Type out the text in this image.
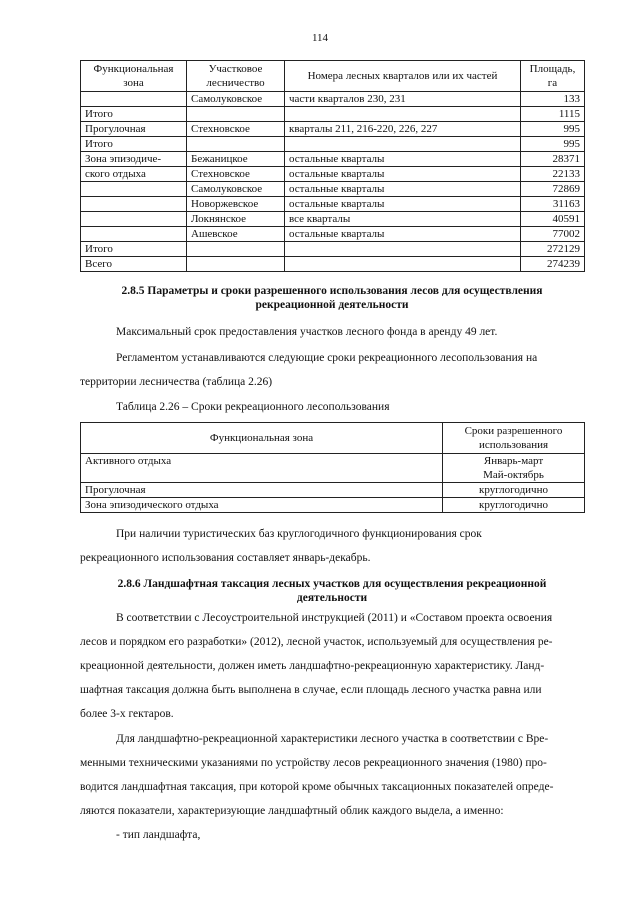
114
Функциональная зона	Участковое лесничество	Номера лесных кварталов или их частей	Площадь, га
	Самолуковское	части кварталов 230, 231	133
Итого			1115
Прогулочная	Стехновское	кварталы 211, 216-220, 226, 227	995
Итого			995
Зона эпизодиче-	Бежаницкое	остальные кварталы	28371
ского отдыха	Стехновское	остальные кварталы	22133
	Самолуковское	остальные кварталы	72869
	Новоржевское	остальные кварталы	31163
	Локнянское	все кварталы	40591
	Ашевское	остальные кварталы	77002
Итого			272129
Всего			274239
2.8.5 Параметры и сроки разрешенного использования лесов для осуществления
рекреационной деятельности

Максимальный срок предоставления участков лесного фонда в аренду 49 лет.

Регламентом устанавливаются следующие сроки рекреационного лесопользования на
территории лесничества (таблица 2.26)

Таблица 2.26 – Сроки рекреационного лесопользования
Функциональная зона	Сроки разрешенного использования
Активного отдыха	Январь-март
Май-октябрь

Прогулочная	круглогодично
Зона эпизодического отдыха	круглогодично

При наличии туристических баз круглогодичного функционирования срок
рекреационного использования составляет январь-декабрь.

2.8.6 Ландшафтная таксация лесных участков для осуществления рекреационной
деятельности

В соответствии с Лесоустроительной инструкцией (2011) и «Составом проекта освоения
лесов и порядком его разработки» (2012), лесной участок, используемый для осуществления ре-
креационной деятельности, должен иметь ландшафтно-рекреационную характеристику. Ланд-
шафтная таксация должна быть выполнена в случае, если площадь лесного участка равна или
более 3-х гектаров.

Для ландшафтно-рекреационной характеристики лесного участка в соответствии с Вре-
менными техническими указаниями по устройству лесов рекреационного значения (1980) про-
водится ландшафтная таксация, при которой кроме обычных таксационных показателей опреде-
ляются показатели, характеризующие ландшафтный облик каждого выдела, а именно:
- тип ландшафта,
